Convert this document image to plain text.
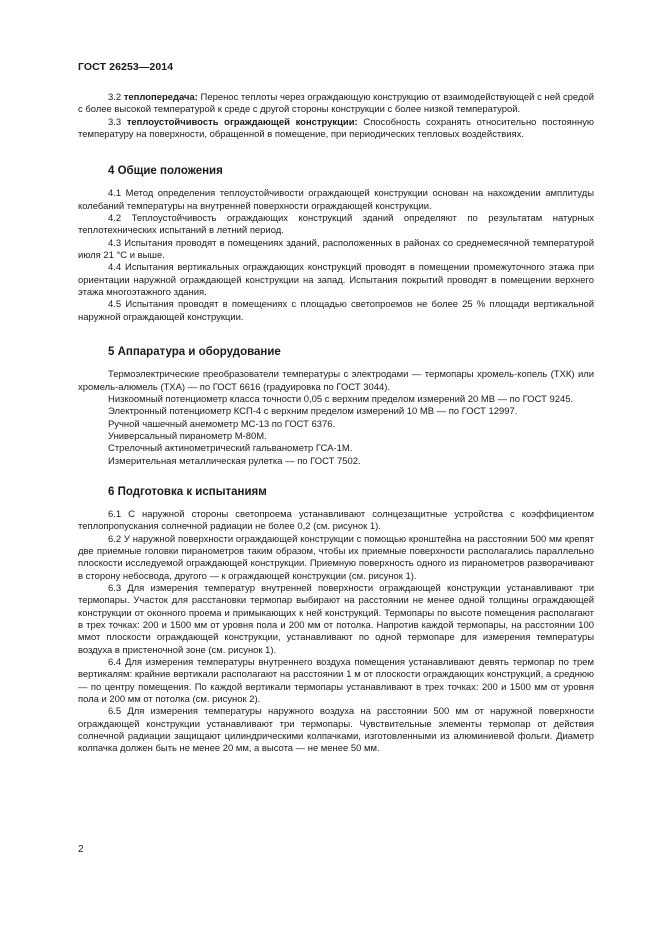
ГОСТ 26253—2014

3.2 теплопередача: Перенос теплоты через ограждающую конструкцию от взаимодействующей с ней средой с более высокой температурой к среде с другой стороны конструкции с более низкой температурой.

3.3 теплоустойчивость ограждающей конструкции: Способность сохранять относительно постоянную температуру на поверхности, обращенной в помещение, при периодических тепловых воздействиях.

4 Общие положения

4.1 Метод определения теплоустойчивости ограждающей конструкции основан на нахождении амплитуды колебаний температуры на внутренней поверхности ограждающей конструкции.

4.2 Теплоустойчивость ограждающих конструкций зданий определяют по результатам натурных теплотехнических испытаний в летний период.

4.3 Испытания проводят в помещениях зданий, расположенных в районах со среднемесячной температурой июля 21 °С и выше.

4.4 Испытания вертикальных ограждающих конструкций проводят в помещении промежуточного этажа при ориентации наружной ограждающей конструкции на запад. Испытания покрытий проводят в помещении верхнего этажа многоэтажного здания.

4.5 Испытания проводят в помещениях с площадью светопроемов не более 25 % площади вертикальной наружной ограждающей конструкции.

5 Аппаратура и оборудование

Термоэлектрические преобразователи температуры с электродами — термопары хромель-копель (ТХК) или хромель-алюмель (ТХА) — по ГОСТ 6616 (градуировка по ГОСТ 3044).

Низкоомный потенциометр класса точности 0,05 с верхним пределом измерений 20 МВ — по ГОСТ 9245.

Электронный потенциометр КСП-4 с верхним пределом измерений 10 МВ — по ГОСТ 12997.

Ручной чашечный анемометр МС-13 по ГОСТ 6376.

Универсальный пиранометр М-80М.

Стрелочный актинометрический гальванометр ГСА-1М.

Измерительная металлическая рулетка — по ГОСТ 7502.

6 Подготовка к испытаниям

6.1 С наружной стороны светопроема устанавливают солнцезащитные устройства с коэффициентом теплопропускания солнечной радиации не более 0,2 (см. рисунок 1).

6.2 У наружной поверхности ограждающей конструкции с помощью кронштейна на расстоянии 500 мм крепят две приемные головки пиранометров таким образом, чтобы их приемные поверхности располагались параллельно плоскости исследуемой ограждающей конструкции. Приемную поверхность одного из пиранометров разворачивают в сторону небосвода, другого — к ограждающей конструкции (см. рисунок 1).

6.3 Для измерения температур внутренней поверхности ограждающей конструкции устанавливают три термопары. Участок для расстановки термопар выбирают на расстоянии не менее одной толщины ограждающей конструкции от оконного проема и примыкающих к ней конструкций. Термопары по высоте помещения располагают в трех точках: 200 и 1500 мм от уровня пола и 200 мм от потолка. Напротив каждой термопары, на расстоянии 100 ммот плоскости ограждающей конструкции, устанавливают по одной термопаре для измерения температуры воздуха в пристеночной зоне (см. рисунок 1).

6.4 Для измерения температуры внутреннего воздуха помещения устанавливают девять термопар по трем вертикалям: крайние вертикали располагают на расстоянии 1 м от плоскости ограждающих конструкций, а среднюю — по центру помещения. По каждой вертикали термопары устанавливают в трех точках: 200 и 1500 мм от уровня пола и 200 мм от потолка (см. рисунок 2).

6.5 Для измерения температуры наружного воздуха на расстоянии 500 мм от наружной поверхности ограждающей конструкции устанавливают три термопары. Чувствительные элементы термопар от действия солнечной радиации защищают цилиндрическими колпачками, изготовленными из алюминиевой фольги. Диаметр колпачка должен быть не менее 20 мм, а высота — не менее 50 мм.

2
